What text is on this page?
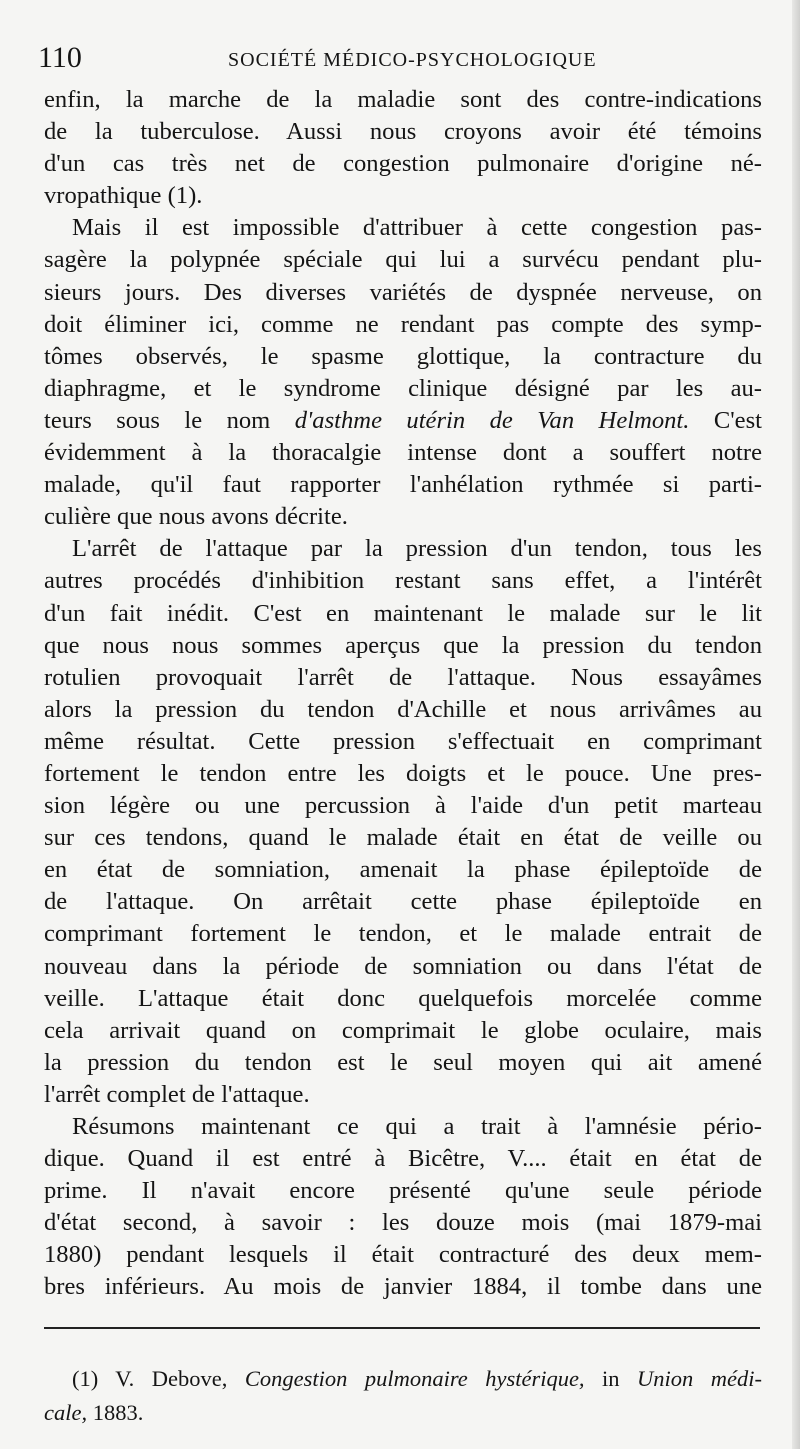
110	SOCIÉTÉ MÉDICO-PSYCHOLOGIQUE
enfin, la marche de la maladie sont des contre-indications
de la tuberculose. Aussi nous croyons avoir été témoins
d'un cas très net de congestion pulmonaire d'origine né-
vropathique (1).
Mais il est impossible d'attribuer à cette congestion pas-
sagère la polypnée spéciale qui lui a survécu pendant plu-
sieurs jours. Des diverses variétés de dyspnée nerveuse, on
doit éliminer ici, comme ne rendant pas compte des symp-
tômes observés, le spasme glottique, la contracture du
diaphragme, et le syndrome clinique désigné par les au-
teurs sous le nom d'asthme utérin de Van Helmont. C'est
évidemment à la thoracalgie intense dont a souffert notre
malade, qu'il faut rapporter l'anhélation rythmée si parti-
culière que nous avons décrite.
L'arrêt de l'attaque par la pression d'un tendon, tous les
autres procédés d'inhibition restant sans effet, a l'intérêt
d'un fait inédit. C'est en maintenant le malade sur le lit
que nous nous sommes aperçus que la pression du tendon
rotulien provoquait l'arrêt de l'attaque. Nous essayâmes
alors la pression du tendon d'Achille et nous arrivâmes au
même résultat. Cette pression s'effectuait en comprimant
fortement le tendon entre les doigts et le pouce. Une pres-
sion légère ou une percussion à l'aide d'un petit marteau
sur ces tendons, quand le malade était en état de veille ou
en état de somniation, amenait la phase épileptoïde de
de l'attaque. On arrêtait cette phase épileptoïde en
comprimant fortement le tendon, et le malade entrait de
nouveau dans la période de somniation ou dans l'état de
veille. L'attaque était donc quelquefois morcelée comme
cela arrivait quand on comprimait le globe oculaire, mais
la pression du tendon est le seul moyen qui ait amené
l'arrêt complet de l'attaque.
Résumons maintenant ce qui a trait à l'amnésie pério-
dique. Quand il est entré à Bicêtre, V.... était en état de
prime. Il n'avait encore présenté qu'une seule période
d'état second, à savoir : les douze mois (mai 1879-mai
1880) pendant lesquels il était contracturé des deux mem-
bres inférieurs. Au mois de janvier 1884, il tombe dans une
(1) V. Debove, Congestion pulmonaire hystérique, in Union médi-
cale, 1883.
